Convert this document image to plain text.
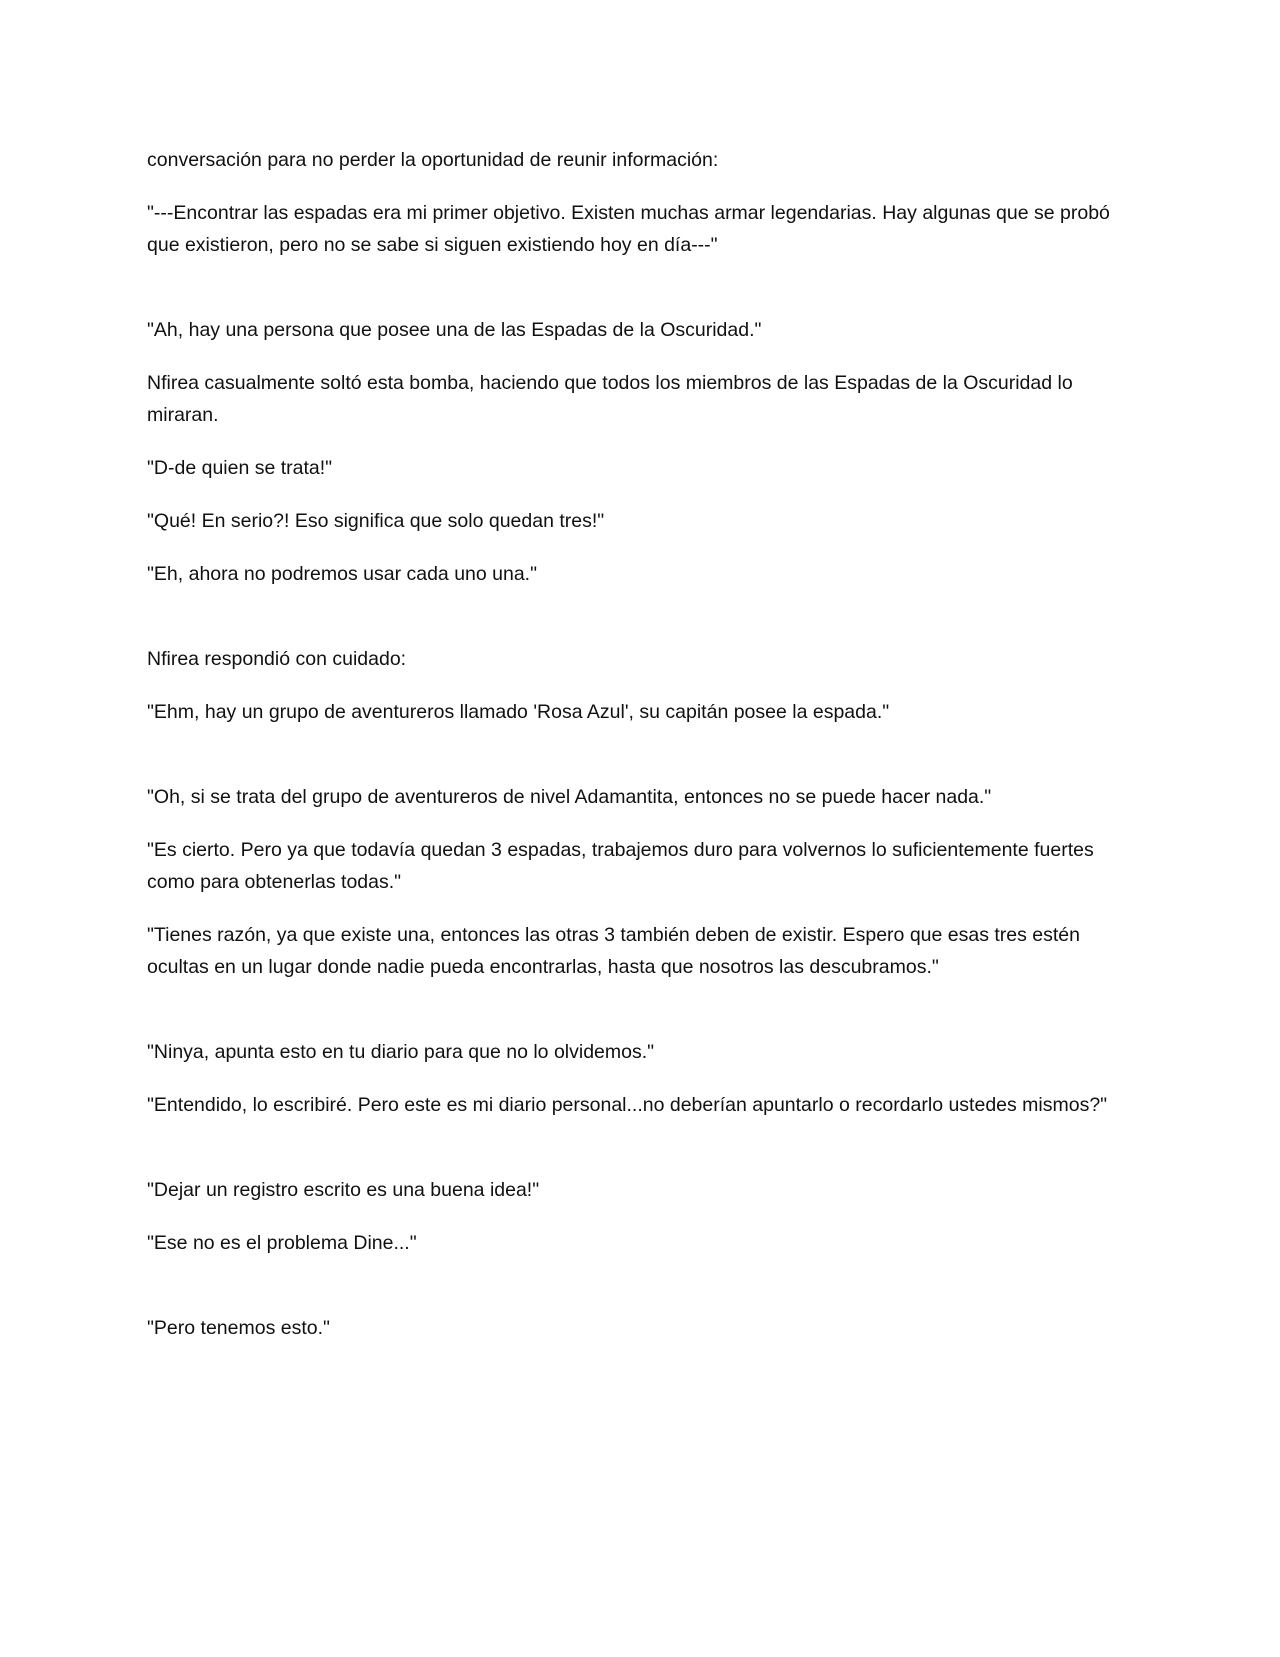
conversación para no perder la oportunidad de reunir información:

"---Encontrar las espadas era mi primer objetivo. Existen muchas armar legendarias. Hay algunas que se probó que existieron, pero no se sabe si siguen existiendo hoy en día---"

"Ah, hay una persona que posee una de las Espadas de la Oscuridad."

Nfirea casualmente soltó esta bomba, haciendo que todos los miembros de las Espadas de la Oscuridad lo miraran.

"D-de quien se trata!"

"Qué! En serio?! Eso significa que solo quedan tres!"

"Eh, ahora no podremos usar cada uno una."

Nfirea respondió con cuidado:

"Ehm, hay un grupo de aventureros llamado 'Rosa Azul', su capitán posee la espada."

"Oh, si se trata del grupo de aventureros de nivel Adamantita, entonces no se puede hacer nada."

"Es cierto. Pero ya que todavía quedan 3 espadas, trabajemos duro para volvernos lo suficientemente fuertes como para obtenerlas todas."

"Tienes razón, ya que existe una, entonces las otras 3 también deben de existir. Espero que esas tres estén ocultas en un lugar donde nadie pueda encontrarlas, hasta que nosotros las descubramos."

"Ninya, apunta esto en tu diario para que no lo olvidemos."

"Entendido, lo escribiré. Pero este es mi diario personal...no deberían apuntarlo o recordarlo ustedes mismos?"

"Dejar un registro escrito es una buena idea!"

"Ese no es el problema Dine..."

"Pero tenemos esto."
